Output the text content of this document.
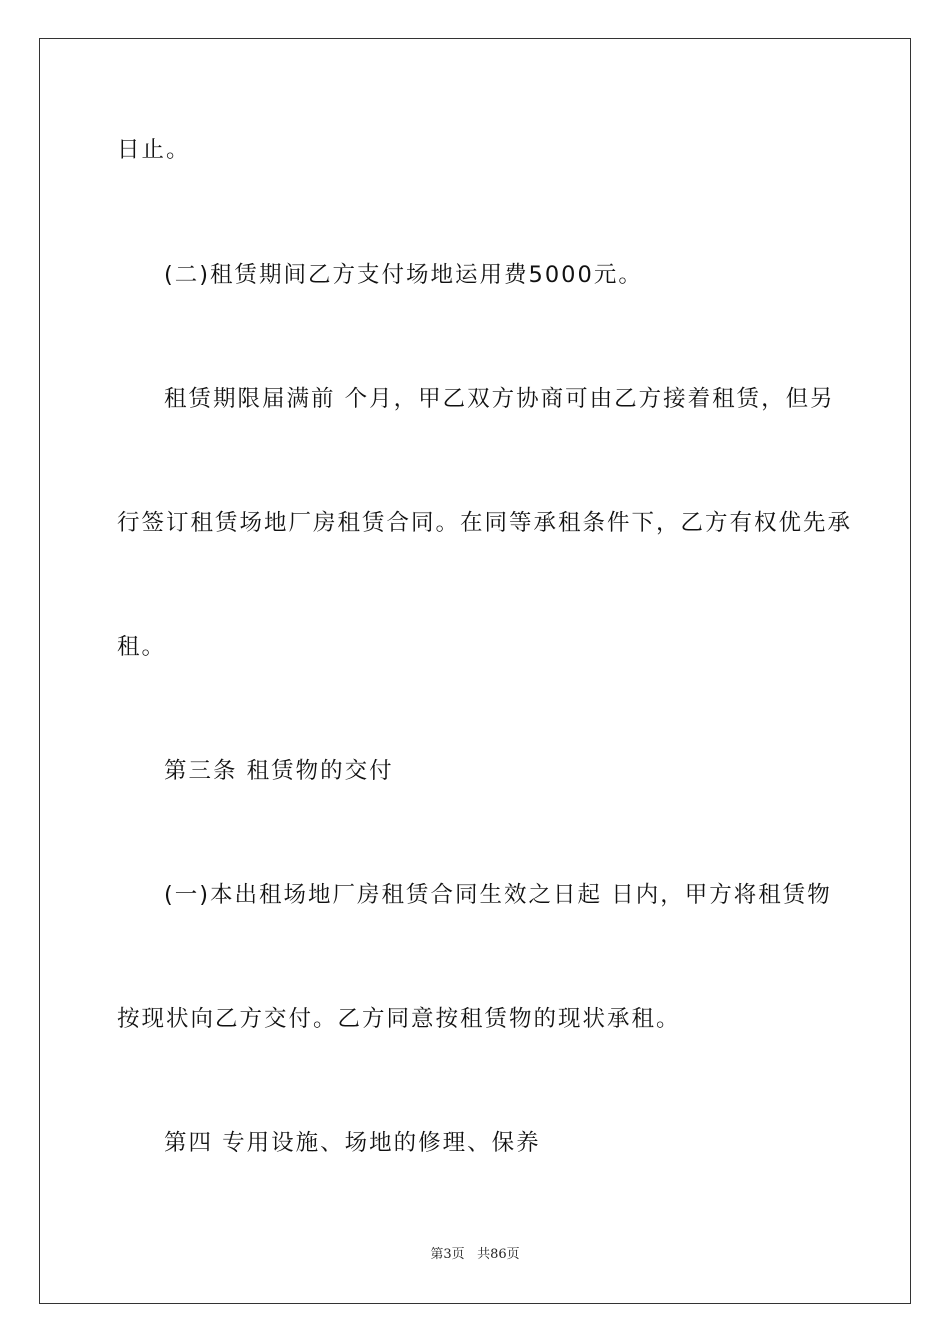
日止。
(二)租赁期间乙方支付场地运用费5000元。
租赁期限届满前 个月，甲乙双方协商可由乙方接着租赁，但另
行签订租赁场地厂房租赁合同。在同等承租条件下，乙方有权优先承
租。
第三条 租赁物的交付
(一)本出租场地厂房租赁合同生效之日起 日内，甲方将租赁物
按现状向乙方交付。乙方同意按租赁物的现状承租。
第四 专用设施、场地的修理、保养
第3页 共86页
